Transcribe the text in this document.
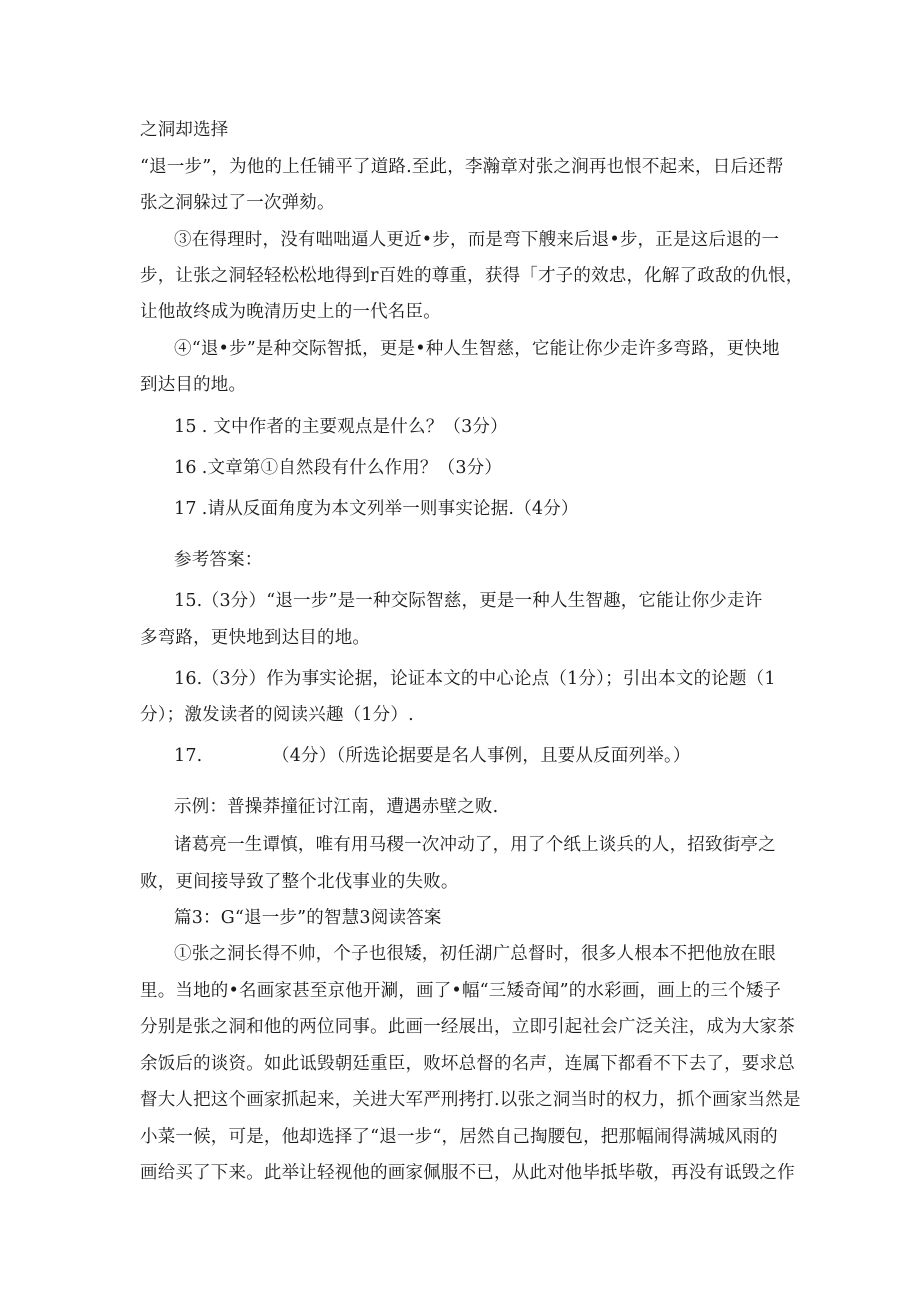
之洞却选择
“退一步”，为他的上任铺平了道路.至此，李瀚章对张之涧再也恨不起来，日后还帮
张之洞躲过了一次弹劾。
③在得理时，没有咄咄逼人更近•步，而是弯下艘来后退•步，正是这后退的一
步，让张之洞轻轻松松地得到r百姓的尊重，获得「才子的效忠，化解了政敌的仇恨，
让他故终成为晚清历史上的一代名臣。
④“退•步”是种交际智抵，更是•种人生智慈，它能让你少走许多弯路，更快地
到达目的地。
15 . 文中作者的主要观点是什么？（3分）
16 .文章第①自然段有什么作用？（3分）
17 .请从反面角度为本文列举一则事实论据.（4分）
参考答案：
15. （3分）“退一步”是一种交际智慈，更是一种人生智趣，它能让你少走许
多弯路，更快地到达目的地。
16. （3分）作为事实论据，论证本文的中心论点（1分）；引出本文的论题（1
分）；激发读者的阅读兴趣（1分）.
17.	（4分）（所选论据要是名人事例，且要从反面列举。）
示例：普操莽撞征讨江南，遭遇赤壁之败.
诸葛亮一生谭慎，唯有用马稷一次冲动了，用了个纸上谈兵的人，招致街亭之
败，更间接导致了整个北伐事业的失败。
篇3：G“退一步”的智慧3阅读答案
①张之洞长得不帅，个子也很矮，初任湖广总督时，很多人根本不把他放在眼
里。当地的•名画家甚至京他开涮，画了•幅“三矮奇闻”的水彩画，画上的三个矮子
分别是张之洞和他的两位同事。此画一经展出，立即引起社会广泛关注，成为大家茶
余饭后的谈资。如此诋毁朝廷重臣，败坏总督的名声，连属下都看不下去了，要求总
督大人把这个画家抓起来，关进大军严刑拷打.以张之洞当时的权力，抓个画家当然是
小菜一候，可是，他却选择了“退一步“，居然自己掏腰包，把那幅闹得满城风雨的
画给买了下来。此举让轻视他的画家佩服不已，从此对他毕抵毕敬，再没有诋毁之作
